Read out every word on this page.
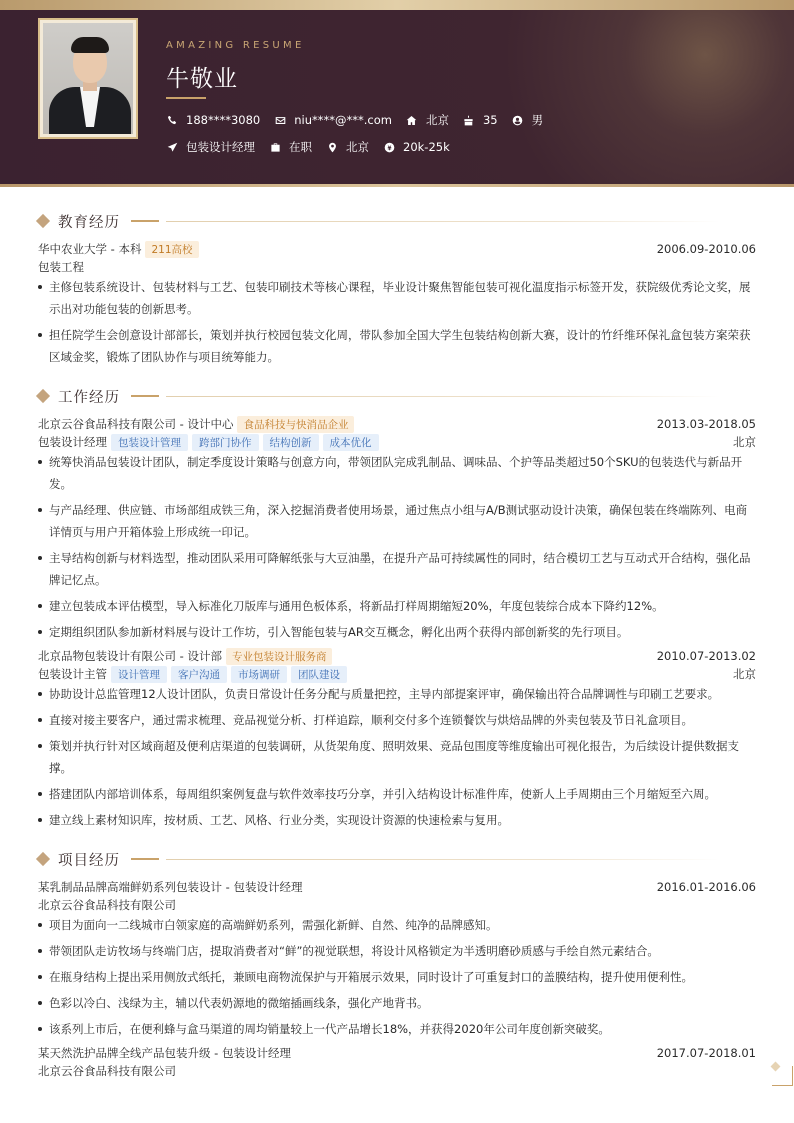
AMAZING RESUME
牛敬业
188****3080	niu****@***.com	北京	35	男
包装设计经理	在职	北京	20k-25k
教育经历
华中农业大学 - 本科 211高校	2006.09-2010.06
包装工程
主修包装系统设计、包装材料与工艺、包装印刷技术等核心课程，毕业设计聚焦智能包装可视化温度指示标签开发，获院级优秀论文奖，展示出对功能包装的创新思考。
担任院学生会创意设计部部长，策划并执行校园包装文化周，带队参加全国大学生包装结构创新大赛，设计的竹纤维环保礼盒包装方案荣获区域金奖，锻炼了团队协作与项目统筹能力。
工作经历
北京云谷食品科技有限公司 - 设计中心 食品科技与快消品企业	2013.03-2018.05
包装设计经理	包装设计管理	跨部门协作	结构创新	成本优化	北京
统筹快消品包装设计团队，制定季度设计策略与创意方向，带领团队完成乳制品、调味品、个护等品类超过50个SKU的包装迭代与新品开发。
与产品经理、供应链、市场部组成铁三角，深入挖掘消费者使用场景，通过焦点小组与A/B测试驱动设计决策，确保包装在终端陈列、电商详情页与用户开箱体验上形成统一印记。
主导结构创新与材料选型，推动团队采用可降解纸张与大豆油墨，在提升产品可持续属性的同时，结合模切工艺与互动式开合结构，强化品牌记忆点。
建立包装成本评估模型，导入标准化刀版库与通用色板体系，将新品打样周期缩短20%，年度包装综合成本下降约12%。
定期组织团队参加新材料展与设计工作坊，引入智能包装与AR交互概念，孵化出两个获得内部创新奖的先行项目。
北京品物包装设计有限公司 - 设计部 专业包装设计服务商	2010.07-2013.02
包装设计主管	设计管理	客户沟通	市场调研	团队建设	北京
协助设计总监管理12人设计团队，负责日常设计任务分配与质量把控，主导内部提案评审，确保输出符合品牌调性与印刷工艺要求。
直接对接主要客户，通过需求梳理、竞品视觉分析、打样追踪，顺利交付多个连锁餐饮与烘焙品牌的外卖包装及节日礼盒项目。
策划并执行针对区域商超及便利店渠道的包装调研，从货架角度、照明效果、竞品包围度等维度输出可视化报告，为后续设计提供数据支撑。
搭建团队内部培训体系，每周组织案例复盘与软件效率技巧分享，并引入结构设计标准件库，使新人上手周期由三个月缩短至六周。
建立线上素材知识库，按材质、工艺、风格、行业分类，实现设计资源的快速检索与复用。
项目经历
某乳制品品牌高端鲜奶系列包装设计 - 包装设计经理	2016.01-2016.06
北京云谷食品科技有限公司
项目为面向一二线城市白领家庭的高端鲜奶系列，需强化新鲜、自然、纯净的品牌感知。
带领团队走访牧场与终端门店，提取消费者对“鲜”的视觉联想，将设计风格锁定为半透明磨砂质感与手绘自然元素结合。
在瓶身结构上提出采用侧放式纸托，兼顾电商物流保护与开箱展示效果，同时设计了可重复封口的盖膜结构，提升使用便利性。
色彩以冷白、浅绿为主，辅以代表奶源地的微缩插画线条，强化产地背书。
该系列上市后，在便利蜂与盒马渠道的周均销量较上一代产品增长18%，并获得2020年公司年度创新突破奖。
某天然洗护品牌全线产品包装升级 - 包装设计经理	2017.07-2018.01
北京云谷食品科技有限公司
